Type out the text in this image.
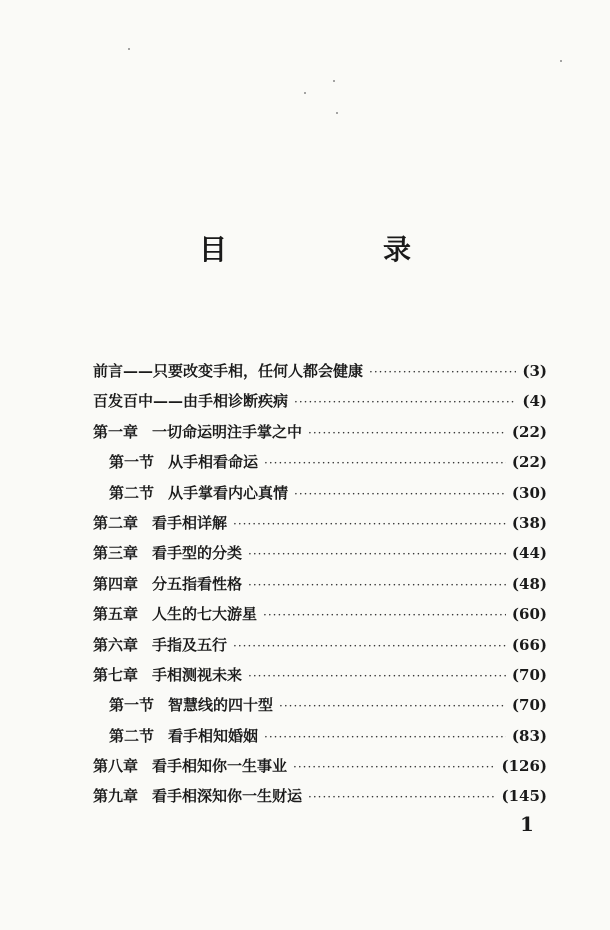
目　录
前言——只要改变手相，任何人都会健康 ·····	(3)
百发百中——由手相诊断疾病 ·····	(4)
第一章 一切命运明注手掌之中 ·····	(22)
第一节 从手相看命运 ·····	(22)
第二节 从手掌看内心真情 ·····	(30)
第二章 看手相详解 ·····	(38)
第三章 看手型的分类 ·····	(44)
第四章 分五指看性格 ·····	(48)
第五章 人生的七大游星 ·····	(60)
第六章 手指及五行 ·····	(66)
第七章 手相测视未来 ·····	(70)
第一节 智慧线的四十型 ·····	(70)
第二节 看手相知婚姻 ·····	(83)
第八章 看手相知你一生事业 ·····	(126)
第九章 看手相深知你一生财运 ·····	(145)
1
